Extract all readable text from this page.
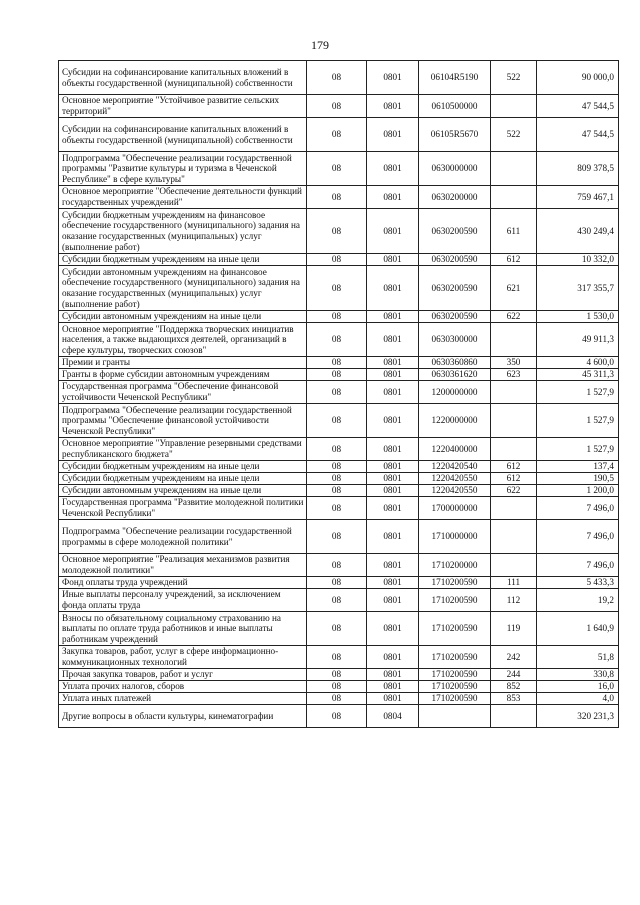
179
Субсидии на софинансирование капитальных вложений в объекты государственной (муниципальной) собственности	08	0801	06104R5190	522	90 000,0
Основное мероприятие "Устойчивое развитие сельских территорий"	08	0801	0610500000		47 544,5
Субсидии на софинансирование капитальных вложений в объекты государственной (муниципальной) собственности	08	0801	06105R5670	522	47 544,5
Подпрограмма "Обеспечение реализации государственной программы "Развитие культуры и туризма в Чеченской Республике" в сфере культуры"	08	0801	0630000000		809 378,5
Основное мероприятие "Обеспечение деятельности функций государственных учреждений"	08	0801	0630200000		759 467,1
Субсидии бюджетным учреждениям на финансовое обеспечение государственного (муниципального) задания на оказание государственных (муниципальных) услуг (выполнение работ)	08	0801	0630200590	611	430 249,4
Субсидии бюджетным учреждениям на иные цели	08	0801	0630200590	612	10 332,0
Субсидии автономным учреждениям на финансовое обеспечение государственного (муниципального) задания на оказание государственных (муниципальных) услуг (выполнение работ)	08	0801	0630200590	621	317 355,7
Субсидии автономным учреждениям на иные цели	08	0801	0630200590	622	1 530,0
Основное мероприятие "Поддержка творческих инициатив населения, а также выдающихся деятелей, организаций в сфере культуры, творческих союзов"	08	0801	0630300000		49 911,3
Премии и гранты	08	0801	0630360860	350	4 600,0
Гранты в форме субсидии автономным учреждениям	08	0801	0630361620	623	45 311,3
Государственная программа "Обеспечение финансовой устойчивости Чеченской Республики"	08	0801	1200000000		1 527,9
Подпрограмма "Обеспечение реализации государственной программы "Обеспечение финансовой устойчивости Чеченской Республики"	08	0801	1220000000		1 527,9
Основное мероприятие "Управление резервными средствами республиканского бюджета"	08	0801	1220400000		1 527,9
Субсидии бюджетным учреждениям на иные цели	08	0801	1220420540	612	137,4
Субсидии бюджетным учреждениям на иные цели	08	0801	1220420550	612	190,5
Субсидии автономным учреждениям на иные цели	08	0801	1220420550	622	1 200,0
Государственная программа "Развитие молодежной политики Чеченской Республики"	08	0801	1700000000		7 496,0
Подпрограмма "Обеспечение реализации государственной программы в сфере молодежной политики"	08	0801	1710000000		7 496,0
Основное мероприятие "Реализация механизмов развития молодежной политики"	08	0801	1710200000		7 496,0
Фонд оплаты труда учреждений	08	0801	1710200590	111	5 433,3
Иные выплаты персоналу учреждений, за исключением фонда оплаты труда	08	0801	1710200590	112	19,2
Взносы по обязательному социальному страхованию на выплаты по оплате труда работников и иные выплаты работникам учреждений	08	0801	1710200590	119	1 640,9
Закупка товаров, работ, услуг в сфере информационно-коммуникационных технологий	08	0801	1710200590	242	51,8
Прочая закупка товаров, работ и услуг	08	0801	1710200590	244	330,8
Уплата прочих налогов, сборов	08	0801	1710200590	852	16,0
Уплата иных платежей	08	0801	1710200590	853	4,0
Другие вопросы в области культуры, кинематографии	08	0804			320 231,3
